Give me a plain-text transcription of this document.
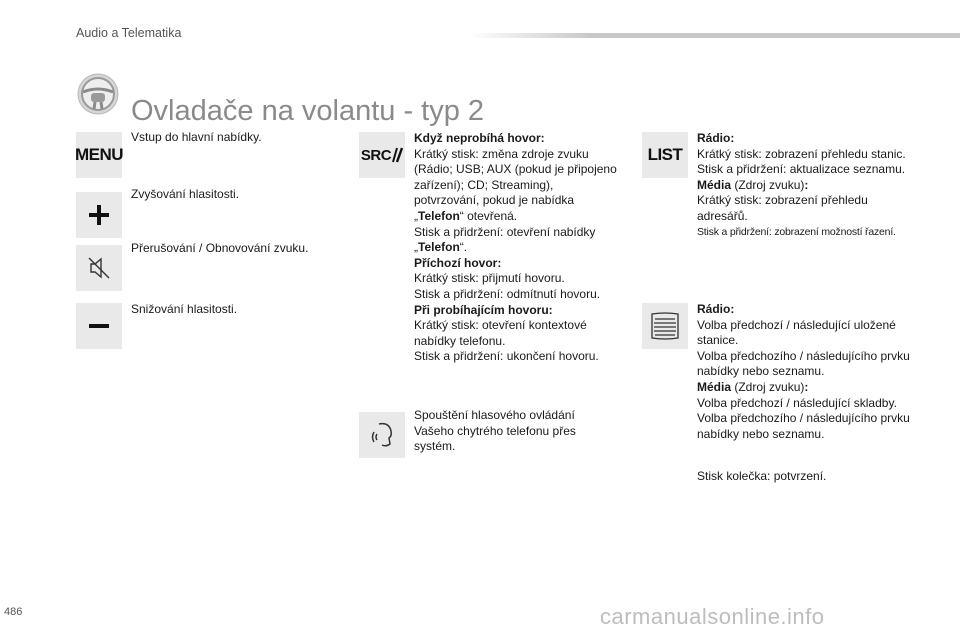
Audio a Telematika
Ovladače na volantu - typ 2
MENU

Vstup do hlavní nabídky.

Zvyšování hlasitosti.

Přerušování / Obnovování zvuku.

Snižování hlasitosti.

SRC

Když neprobíhá hovor:

Krátký stisk: změna zdroje zvuku (Rádio; USB; AUX (pokud je připojeno zařízení); CD; Streaming), potvrzování, pokud je nabídka

„Telefon“ otevřená.

Stisk a přidržení: otevření nabídky

„Telefon“.

Příchozí hovor:

Krátký stisk: přijmutí hovoru.

Stisk a přidržení: odmítnutí hovoru.

Při probíhajícím hovoru:

Krátký stisk: otevření kontextové nabídky telefonu.

Stisk a přidržení: ukončení hovoru.

Spouštění hlasového ovládání Vašeho chytrého telefonu přes systém.

LIST

Rádio:

Krátký stisk: zobrazení přehledu stanic.

Stisk a přidržení: aktualizace seznamu.

Média (Zdroj zvuku):

Krátký stisk: zobrazení přehledu adresářů.

Stisk a přidržení: zobrazení možností řazení.

Rádio:

Volba předchozí / následující uložené stanice.

Volba předchozího / následujícího prvku nabídky nebo seznamu.

Média (Zdroj zvuku):

Volba předchozí / následující skladby.

Volba předchozího / následujícího prvku nabídky nebo seznamu.

Stisk kolečka: potvrzení.

486	carmanualsonline.info
